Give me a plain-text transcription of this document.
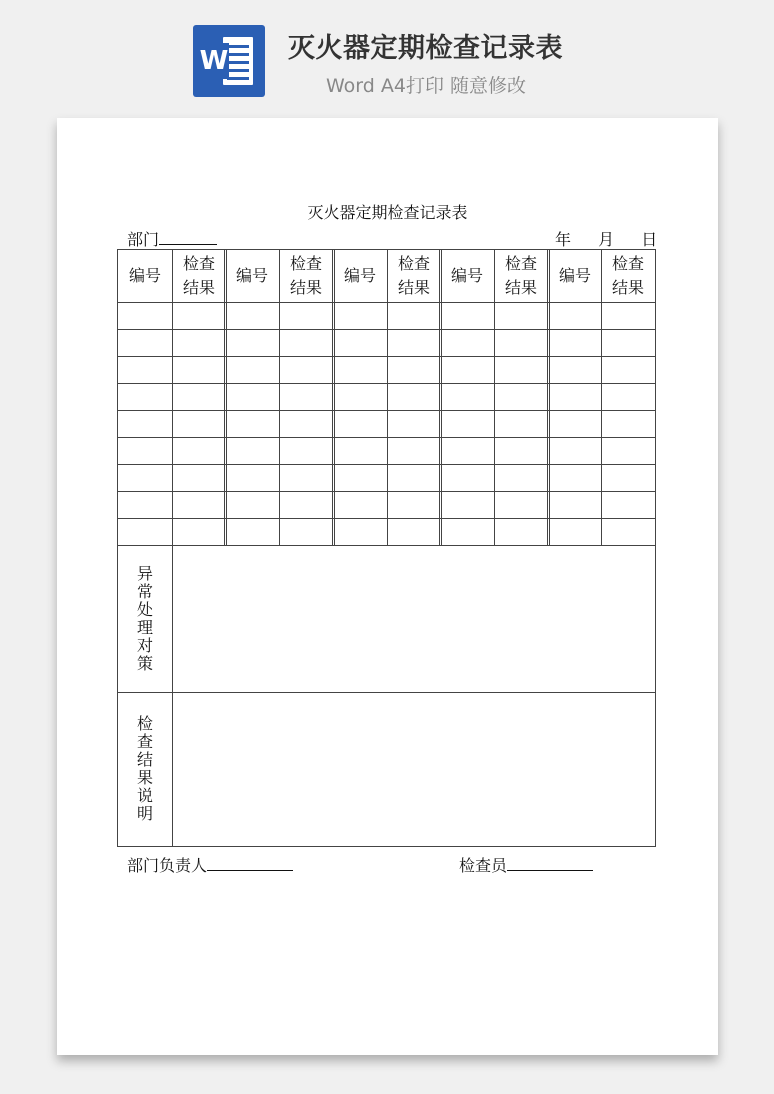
W 灭火器定期检查记录表
Word A4打印 随意修改
灭火器定期检查记录表
部门	年 月 日
编号
检查结果
编号
检查结果
编号
检查结果
编号
检查结果
编号
检查结果
异常处理对策
检查结果说明
部门负责人	检查员
